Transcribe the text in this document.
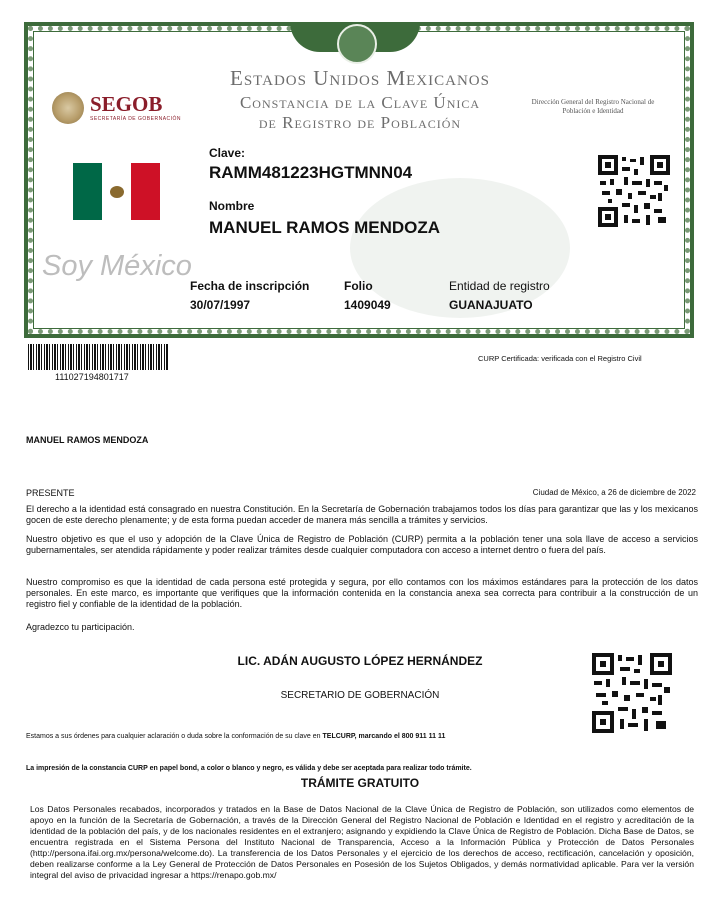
Estados Unidos Mexicanos
Constancia de la Clave Única
de Registro de Población
SEGOB
SECRETARÍA DE GOBERNACIÓN
Dirección General del Registro Nacional de Población e Identidad
Soy México
Clave:
RAMM481223HGTMNN04
Nombre
MANUEL RAMOS MENDOZA
Fecha de inscripción
30/07/1997
Folio
1409049
Entidad de registro
GUANAJUATO
111027194801717
CURP Certificada: verificada con el Registro Civil
MANUEL RAMOS MENDOZA
PRESENTE	Ciudad de México, a 26 de diciembre de 2022
El derecho a la identidad está consagrado en nuestra Constitución. En la Secretaría de Gobernación trabajamos todos los días para garantizar que las y los mexicanos gocen de este derecho plenamente; y de esta forma puedan acceder de manera más sencilla a trámites y servicios.
Nuestro objetivo es que el uso y adopción de la Clave Única de Registro de Población (CURP) permita a la población tener una sola llave de acceso a servicios gubernamentales, ser atendida rápidamente y poder realizar trámites desde cualquier computadora con acceso a internet dentro o fuera del país.
Nuestro compromiso es que la identidad de cada persona esté protegida y segura, por ello contamos con los máximos estándares para la protección de los datos personales. En este marco, es importante que verifiques que la información contenida en la constancia anexa sea correcta para contribuir a la construcción de un registro fiel y confiable de la identidad de la población.
Agradezco tu participación.
LIC. ADÁN AUGUSTO LÓPEZ HERNÁNDEZ
SECRETARIO DE GOBERNACIÓN
Estamos a sus órdenes para cualquier aclaración o duda sobre la conformación de su clave en TELCURP, marcando el 800 911 11 11
La impresión de la constancia CURP en papel bond, a color o blanco y negro, es válida y debe ser aceptada para realizar todo trámite.
TRÁMITE GRATUITO
Los Datos Personales recabados, incorporados y tratados en la Base de Datos Nacional de la Clave Única de Registro de Población, son utilizados como elementos de apoyo en la función de la Secretaría de Gobernación, a través de la Dirección General del Registro Nacional de Población e Identidad en el registro y acreditación de la identidad de la población del país, y de los nacionales residentes en el extranjero; asignando y expidiendo la Clave Única de Registro de Población. Dicha Base de Datos, se encuentra registrada en el Sistema Persona del Instituto Nacional de Transparencia, Acceso a la Información Pública y Protección de Datos Personales (http://persona.ifai.org.mx/persona/welcome.do). La transferencia de los Datos Personales y el ejercicio de los derechos de acceso, rectificación, cancelación y oposición, deben realizarse conforme a la Ley General de Protección de Datos Personales en Posesión de los Sujetos Obligados, y demás normatividad aplicable. Para ver la versión integral del aviso de privacidad ingresar a https://renapo.gob.mx/
